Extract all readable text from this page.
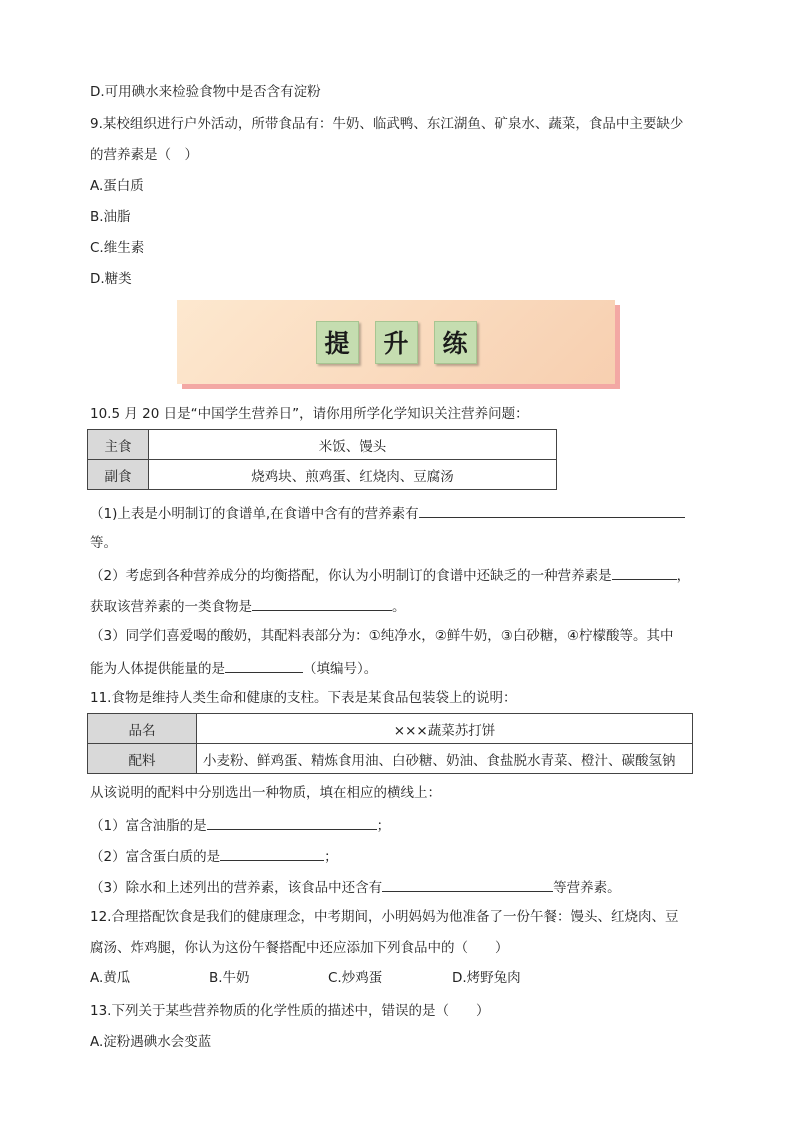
D.可用碘水来检验食物中是否含有淀粉
9.某校组织进行户外活动，所带食品有：牛奶、临武鸭、东江湖鱼、矿泉水、蔬菜，食品中主要缺少
的营养素是（　）
A.蛋白质
B.油脂
C.维生素
D.糖类
提	升	练
10.5 月 20 日是“中国学生营养日”，请你用所学化学知识关注营养问题：
主食	米饭、馒头
副食	烧鸡块、煎鸡蛋、红烧肉、豆腐汤
（1)上表是小明制订的食谱单,在食谱中含有的营养素有
等。
（2）考虑到各种营养成分的均衡搭配，你认为小明制订的食谱中还缺乏的一种营养素是	，
获取该营养素的一类食物是	。
（3）同学们喜爱喝的酸奶，其配料表部分为：①纯净水，②鲜牛奶，③白砂糖，④柠檬酸等。其中
能为人体提供能量的是	（填编号）。
11.食物是维持人类生命和健康的支柱。下表是某食品包装袋上的说明：
品名	×××蔬菜苏打饼
配料	小麦粉、鲜鸡蛋、精炼食用油、白砂糖、奶油、食盐脱水青菜、橙汁、碳酸氢钠
从该说明的配料中分别选出一种物质，填在相应的横线上：
（1）富含油脂的是	；
（2）富含蛋白质的是	；
（3）除水和上述列出的营养素，该食品中还含有	等营养素。
12.合理搭配饮食是我们的健康理念，中考期间，小明妈妈为他准备了一份午餐：馒头、红烧肉、豆
腐汤、炸鸡腿，你认为这份午餐搭配中还应添加下列食品中的（　　）
A.黄瓜	B.牛奶	C.炒鸡蛋	D.烤野兔肉
13.下列关于某些营养物质的化学性质的描述中，错误的是（　　）
A.淀粉遇碘水会变蓝
